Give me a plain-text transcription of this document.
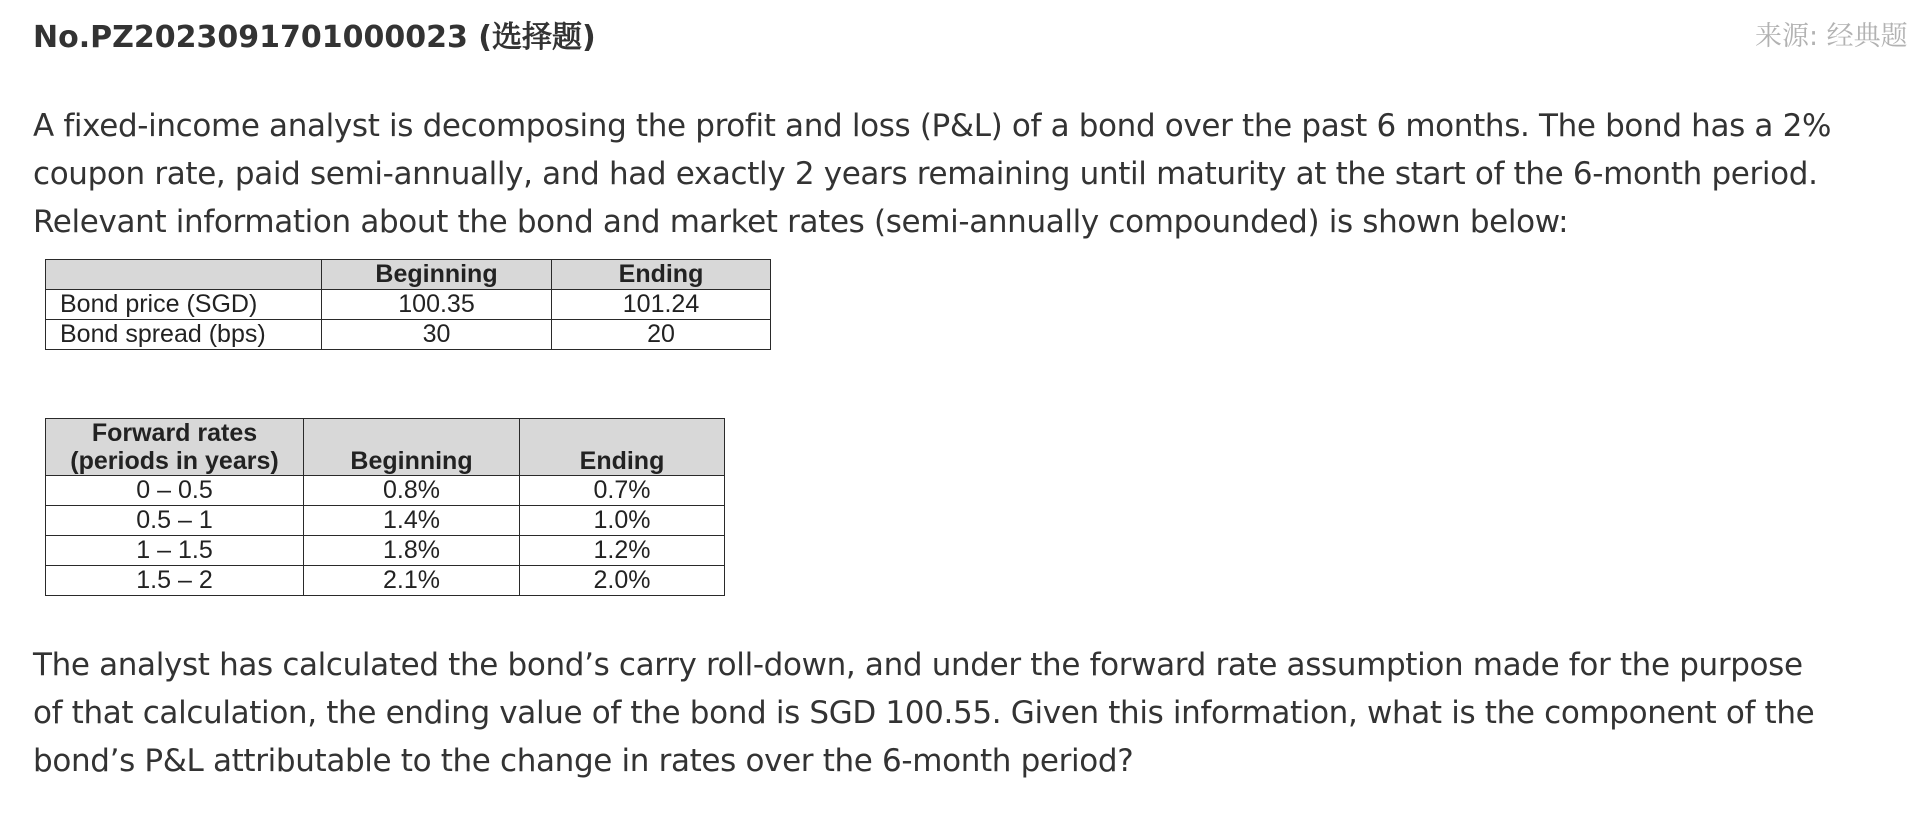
No.PZ2023091701000023 (选择题)	来源: 经典题
A fixed-income analyst is decomposing the profit and loss (P&L) of a bond over the past 6 months. The bond has a 2% coupon rate, paid semi-annually, and had exactly 2 years remaining until maturity at the start of the 6-month period. Relevant information about the bond and market rates (semi-annually compounded) is shown below:
	Beginning	Ending
Bond price (SGD)	100.35	101.24
Bond spread (bps)	30	20
Forward rates
(periods in years)	Beginning	Ending
0 – 0.5	0.8%	0.7%
0.5 – 1	1.4%	1.0%
1 – 1.5	1.8%	1.2%
1.5 – 2	2.1%	2.0%
The analyst has calculated the bond’s carry roll-down, and under the forward rate assumption made for the purpose of that calculation, the ending value of the bond is SGD 100.55. Given this information, what is the component of the bond’s P&L attributable to the change in rates over the 6-month period?
